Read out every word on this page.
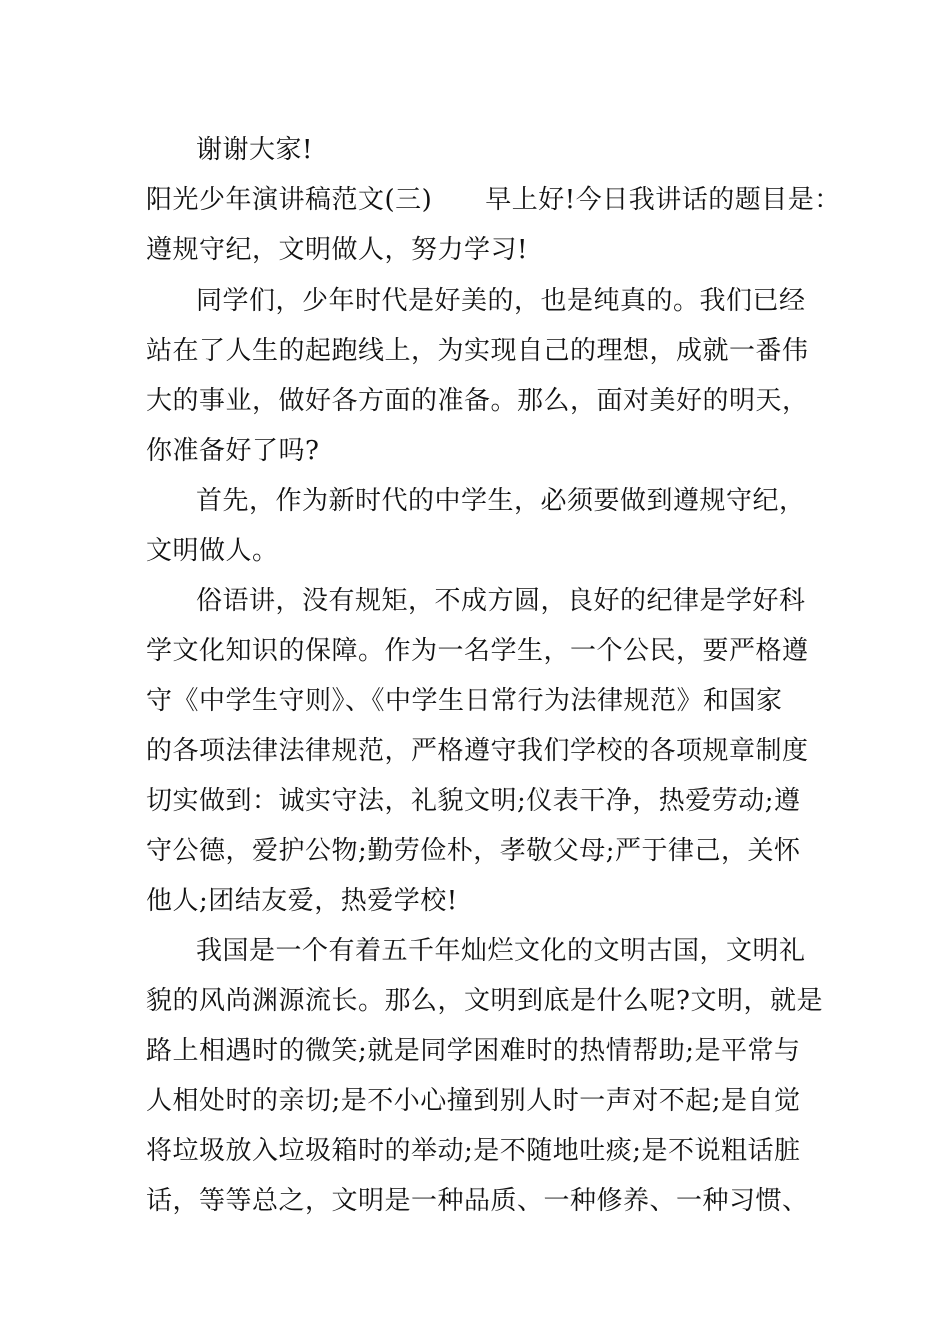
谢谢大家!
阳光少年演讲稿范文(三)　　早上好!今日我讲话的题目是：
遵规守纪，文明做人，努力学习!
同学们，少年时代是好美的，也是纯真的。我们已经
站在了人生的起跑线上，为实现自己的理想，成就一番伟
大的事业，做好各方面的准备。那么，面对美好的明天，
你准备好了吗?
首先，作为新时代的中学生，必须要做到遵规守纪，
文明做人。
俗语讲，没有规矩，不成方圆，良好的纪律是学好科
学文化知识的保障。作为一名学生，一个公民，要严格遵
守《中学生守则》、《中学生日常行为法律规范》和国家
的各项法律法律规范，严格遵守我们学校的各项规章制度
切实做到：诚实守法，礼貌文明;仪表干净，热爱劳动;遵
守公德，爱护公物;勤劳俭朴，孝敬父母;严于律己，关怀
他人;团结友爱，热爱学校!
我国是一个有着五千年灿烂文化的文明古国，文明礼
貌的风尚渊源流长。那么，文明到底是什么呢?文明，就是
路上相遇时的微笑;就是同学困难时的热情帮助;是平常与
人相处时的亲切;是不小心撞到别人时一声对不起;是自觉
将垃圾放入垃圾箱时的举动;是不随地吐痰;是不说粗话脏
话，等等总之，文明是一种品质、一种修养、一种习惯、
